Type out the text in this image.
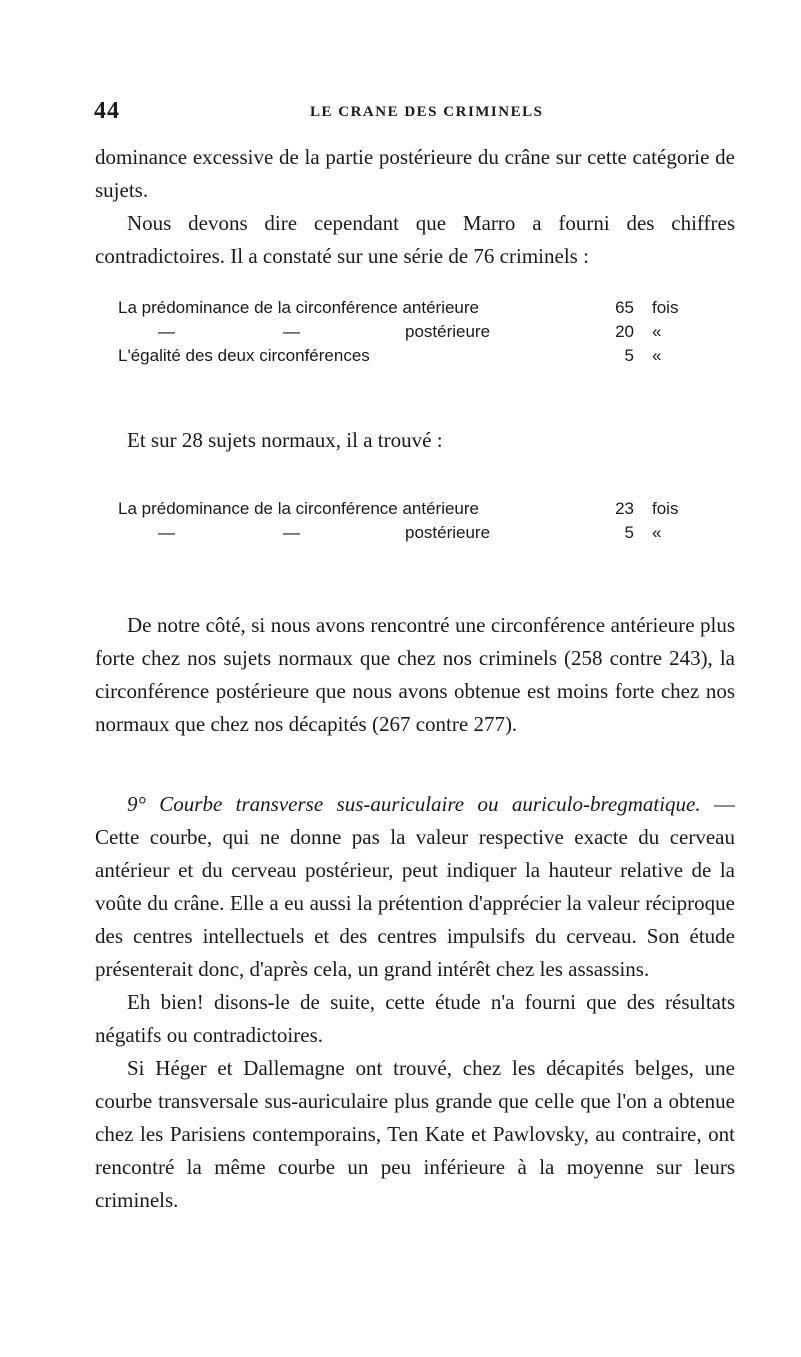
44	LE CRANE DES CRIMINELS

dominance excessive de la partie postérieure du crâne sur cette catégorie de sujets.

Nous devons dire cependant que Marro a fourni des chiffres contradictoires. Il a constaté sur une série de 76 criminels :

La prédominance de la circonférence antérieure	65 fois
—	—	postérieure	20 «
L'égalité des deux circonférences	5 «

Et sur 28 sujets normaux, il a trouvé :

La prédominance de la circonférence antérieure	23 fois
—	—	postérieure	5 «

De notre côté, si nous avons rencontré une circonférence antérieure plus forte chez nos sujets normaux que chez nos criminels (258 contre 243), la circonférence postérieure que nous avons obtenue est moins forte chez nos normaux que chez nos décapités (267 contre 277).

9° Courbe transverse sus-auriculaire ou auriculo-bregmatique. — Cette courbe, qui ne donne pas la valeur respective exacte du cerveau antérieur et du cerveau postérieur, peut indiquer la hauteur relative de la voûte du crâne. Elle a eu aussi la prétention d'apprécier la valeur réciproque des centres intellectuels et des centres impulsifs du cerveau. Son étude présenterait donc, d'après cela, un grand intérêt chez les assassins.

Eh bien! disons-le de suite, cette étude n'a fourni que des résultats négatifs ou contradictoires.

Si Héger et Dallemagne ont trouvé, chez les décapités belges, une courbe transversale sus-auriculaire plus grande que celle que l'on a obtenue chez les Parisiens contemporains, Ten Kate et Pawlovsky, au contraire, ont rencontré la même courbe un peu inférieure à la moyenne sur leurs criminels.
